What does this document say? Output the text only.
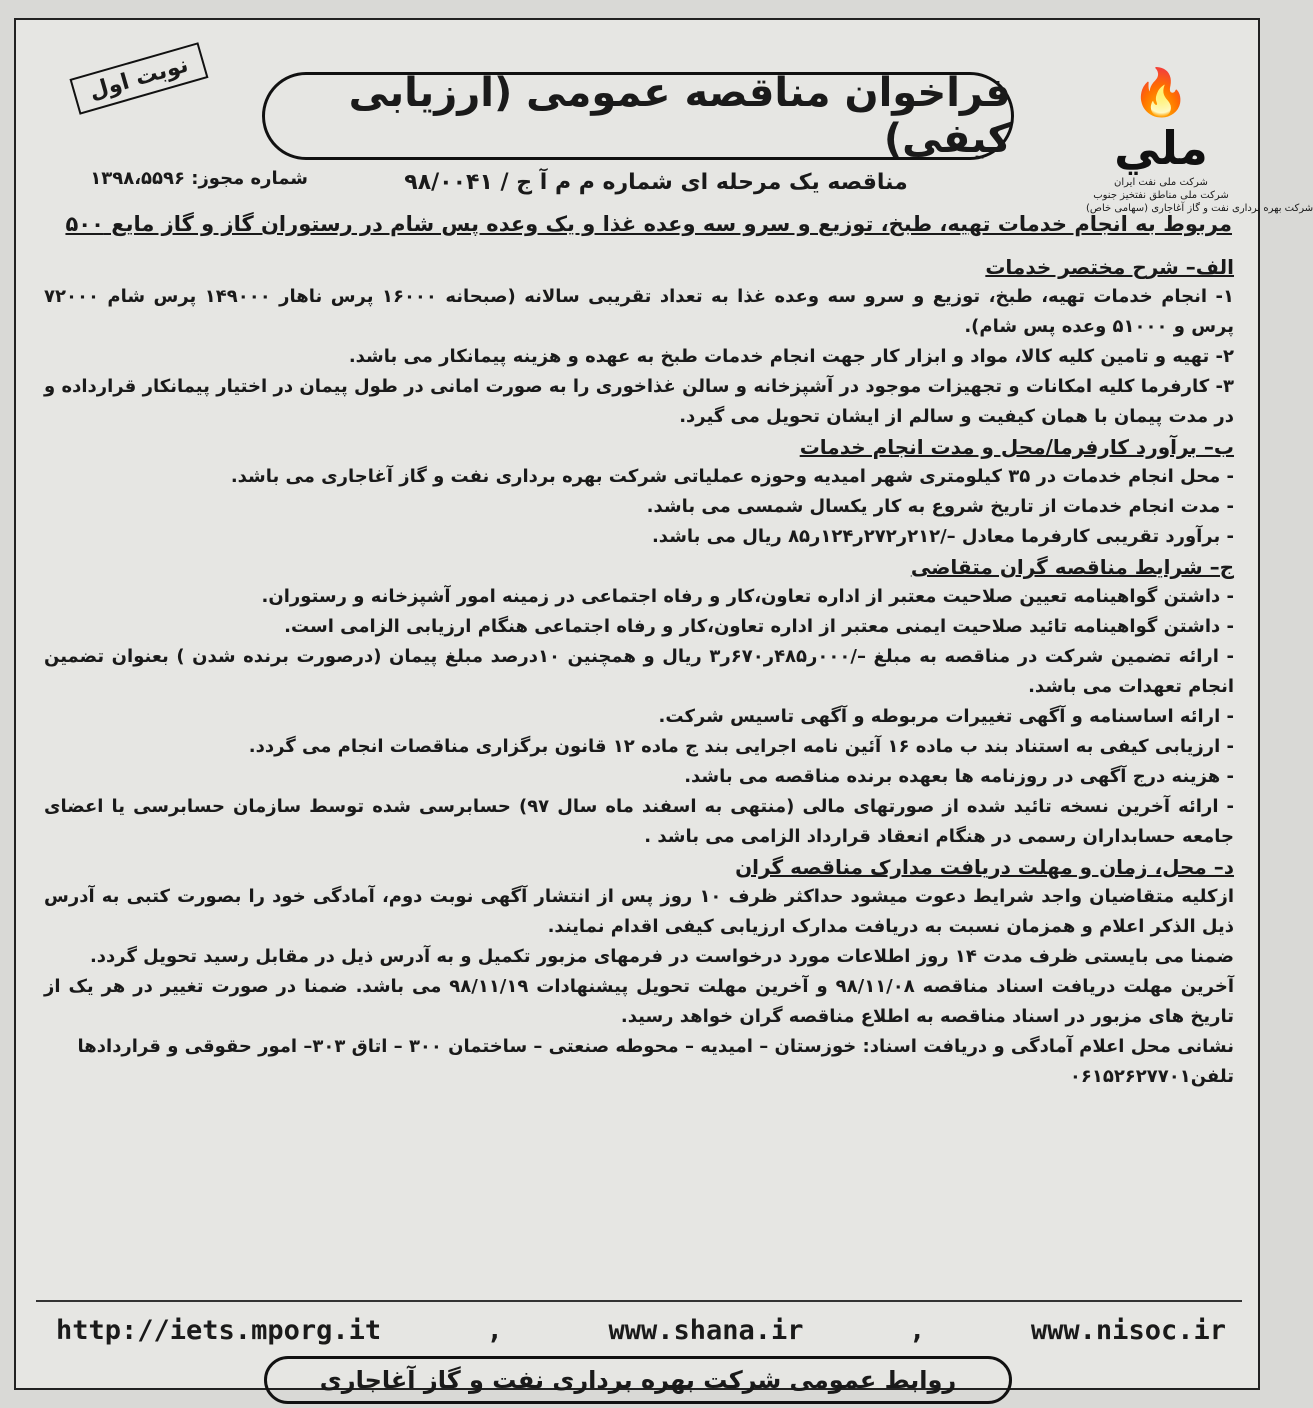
🔥 ﻣﻠﻲ
شرکت ملی نفت ایران
شرکت ملی مناطق نفتخیز جنوب
شرکت بهره برداری نفت و گاز آغاجاری (سهامی خاص)
فراخوان مناقصه عمومی (ارزیابی کیفی)
نوبت اول
شماره مجوز: ۱۳۹۸،۵۵۹۶	مناقصه یک مرحله ای شماره م م آ ج / ۹۸/۰۰۴۱
مربوط به انجام خدمات تهیه، طبخ، توزیع و سرو سه وعده غذا و یک وعده پس شام در رستوران گاز و گاز مایع ۵۰۰

الف– شرح مختصر خدمات

۱- انجام خدمات تهیه، طبخ، توزیع و سرو سه وعده غذا به تعداد تقریبی سالانه (صبحانه ۱۶۰۰۰ پرس ناهار ۱۴۹۰۰۰ پرس شام ۷۲۰۰۰ پرس و ۵۱۰۰۰ وعده پس شام).

۲- تهیه و تامین کلیه کالا، مواد و ابزار کار جهت انجام خدمات طبخ به عهده و هزینه پیمانکار می باشد.

۳- کارفرما کلیه امکانات و تجهیزات موجود در آشپزخانه و سالن غذاخوری را به صورت امانی در طول پیمان در اختیار پیمانکار قرارداده و در مدت پیمان با همان کیفیت و سالم از ایشان تحویل می گیرد.

ب– برآورد کارفرما/محل و مدت انجام خدمات

- محل انجام خدمات در ۳۵ کیلومتری شهر امیدیه وحوزه عملیاتی شرکت بهره برداری نفت و گاز آغاجاری می باشد.

- مدت انجام خدمات از تاریخ شروع به کار یکسال شمسی می باشد.

- برآورد تقریبی کارفرما معادل –/۲۱۲ر۲۷۲ر۱۲۴ر۸۵ ریال می باشد.

ج– شرایط مناقصه گران متقاضی

- داشتن گواهینامه تعیین صلاحیت معتبر از اداره تعاون،کار و رفاه اجتماعی در زمینه امور آشپزخانه و رستوران.

- داشتن گواهینامه تائید صلاحیت ایمنی معتبر از اداره تعاون،کار و رفاه اجتماعی هنگام ارزیابی الزامی است.

- ارائه تضمین شرکت در مناقصه به مبلغ –/۰۰۰ر۴۸۵ر۶۷۰ر۳ ریال و همچنین ۱۰درصد مبلغ پیمان (درصورت برنده شدن ) بعنوان تضمین انجام تعهدات می باشد.

- ارائه اساسنامه و آگهی تغییرات مربوطه و آگهی تاسیس شرکت.

- ارزیابی کیفی به استناد بند ب ماده ۱۶ آئین نامه اجرایی بند ج ماده ۱۲ قانون برگزاری مناقصات انجام می گردد.

- هزینه درج آگهی در روزنامه ها بعهده برنده مناقصه می باشد.

- ارائه آخرین نسخه تائید شده از صورتهای مالی (منتهی به اسفند ماه سال ۹۷) حسابرسی شده توسط سازمان حسابرسی یا اعضای جامعه حسابداران رسمی در هنگام انعقاد قرارداد الزامی می باشد .

د– محل، زمان و مهلت دریافت مدارک مناقصه گران

ازکلیه متقاضیان واجد شرایط دعوت میشود حداکثر ظرف ۱۰ روز پس از انتشار آگهی نوبت دوم، آمادگی خود را بصورت کتبی به آدرس ذیل الذکر اعلام و همزمان نسبت به دریافت مدارک ارزیابی کیفی اقدام نمایند.

ضمنا می بایستی ظرف مدت ۱۴ روز اطلاعات مورد درخواست در فرمهای مزبور تکمیل و به آدرس ذیل در مقابل رسید تحویل گردد.

آخرین مهلت دریافت اسناد مناقصه ۹۸/۱۱/۰۸ و آخرین مهلت تحویل پیشنهادات ۹۸/۱۱/۱۹ می باشد. ضمنا در صورت تغییر در هر یک از تاریخ های مزبور در اسناد مناقصه به اطلاع مناقصه گران خواهد رسید.

نشانی محل اعلام آمادگی و دریافت اسناد: خوزستان – امیدیه – محوطه صنعتی – ساختمان ۳۰۰ – اتاق ۳۰۳– امور حقوقی و قراردادها

تلفن۰۶۱۵۲۶۲۷۷۰۱

http://iets.mporg.it	,	www.shana.ir	,	www.nisoc.ir
روابط عمومی شرکت بهره برداری نفت و گاز آغاجاری
